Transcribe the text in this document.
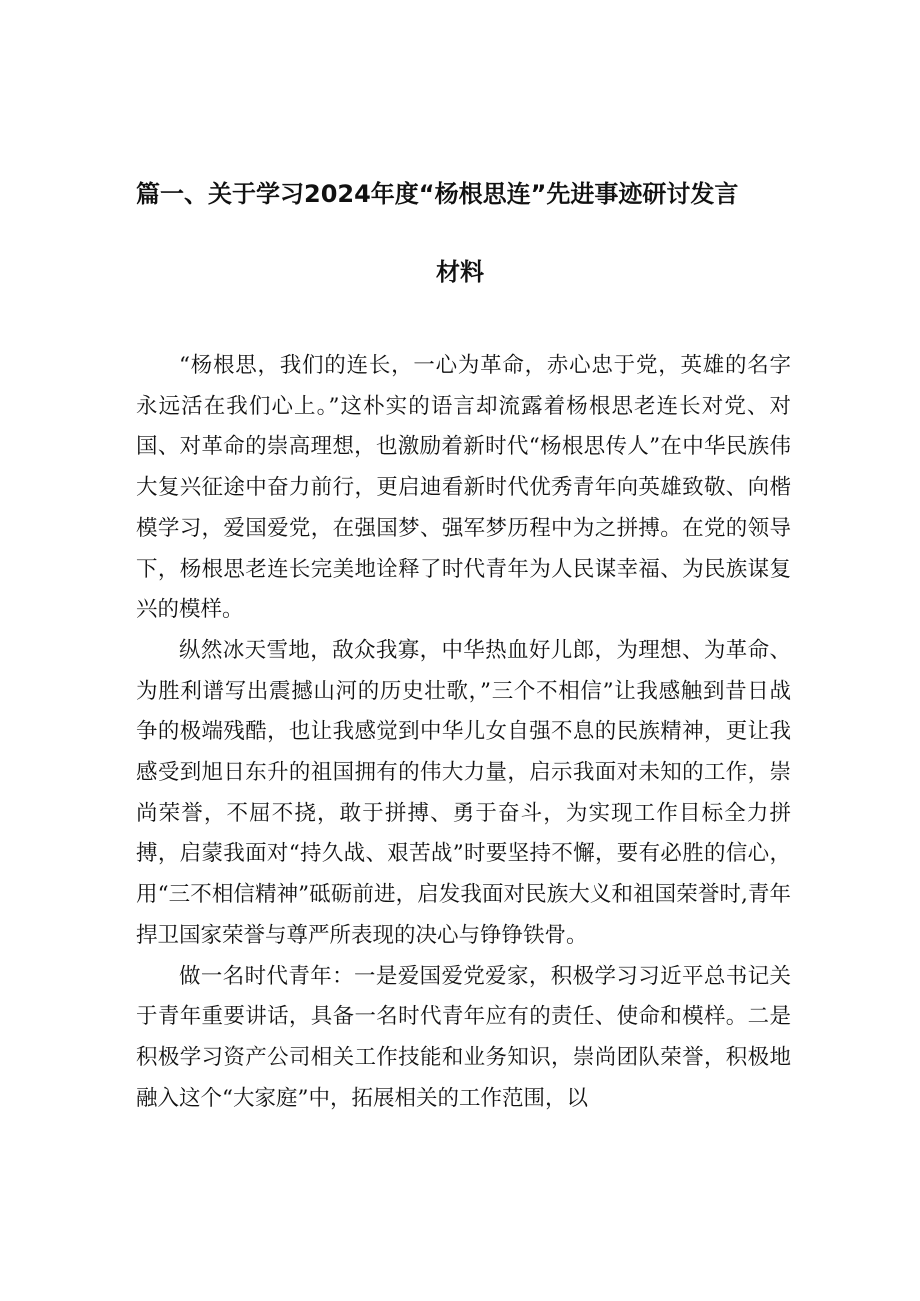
篇一、关于学习2024年度“杨根思连”先进事迹研讨发言
材料

“杨根思，我们的连长，一心为革命，赤心忠于党，英雄的名字永远活在我们心上。”这朴实的语言却流露着杨根思老连长对党、对国、对革命的崇高理想，也激励着新时代“杨根思传人”在中华民族伟大复兴征途中奋力前行，更启迪看新时代优秀青年向英雄致敬、向楷模学习，爱国爱党，在强国梦、强军梦历程中为之拼搏。在党的领导下，杨根思老连长完美地诠释了时代青年为人民谋幸福、为民族谋复兴的模样。

纵然冰天雪地，敌众我寡，中华热血好儿郎，为理想、为革命、为胜利谱写出震撼山河的历史壮歌，”三个不相信”让我感触到昔日战争的极端残酷，也让我感觉到中华儿女自强不息的民族精神，更让我感受到旭日东升的祖国拥有的伟大力量，启示我面对未知的工作，崇尚荣誉，不屈不挠，敢于拼搏、勇于奋斗，为实现工作目标全力拼搏，启蒙我面对“持久战、艰苦战”时要坚持不懈，要有必胜的信心，用“三不相信精神”砥砺前进，启发我面对民族大义和祖国荣誉时,青年捍卫国家荣誉与尊严所表现的决心与铮铮铁骨。

做一名时代青年：一是爱国爱党爱家，积极学习习近平总书记关于青年重要讲话，具备一名时代青年应有的责任、使命和模样。二是积极学习资产公司相关工作技能和业务知识，崇尚团队荣誉，积极地融入这个“大家庭”中，拓展相关的工作范围，以
